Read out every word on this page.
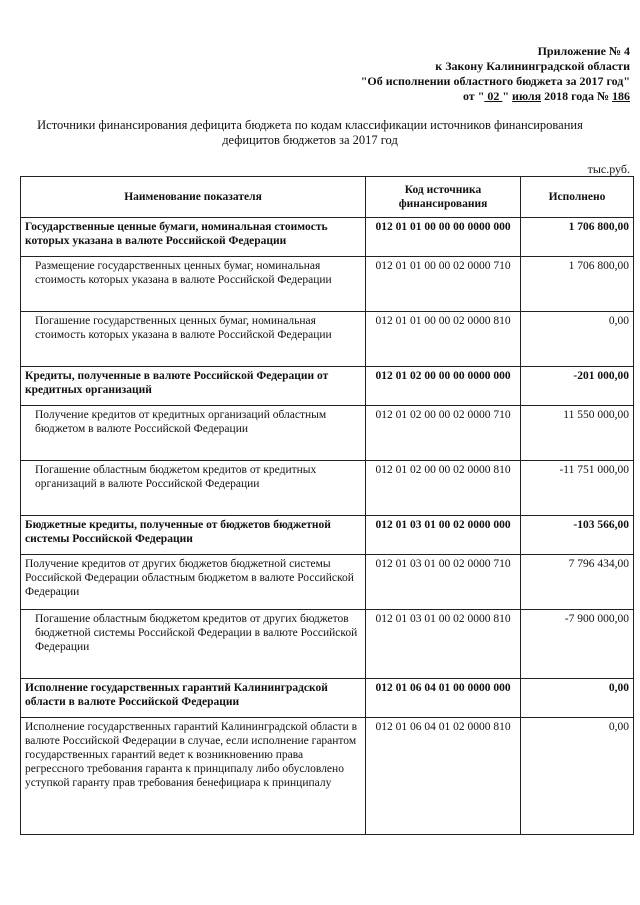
Приложение № 4
к Закону Калининградской области
"Об исполнении областного бюджета за 2017 год"
от " 02 " июля 2018 года № 186
Источники финансирования дефицита бюджета по кодам классификации источников финансирования дефицитов бюджетов за 2017 год
тыс.руб.
Наименование показателя	Код источника финансирования	Исполнено
Государственные ценные бумаги, номинальная стоимость которых указана в валюте Российской Федерации	012 01 01 00 00 00 0000 000	1 706 800,00
Размещение государственных ценных бумаг, номинальная стоимость которых указана в валюте Российской Федерации	012 01 01 00 00 02 0000 710	1 706 800,00
Погашение государственных ценных бумаг, номинальная стоимость которых указана в валюте Российской Федерации	012 01 01 00 00 02 0000 810	0,00
Кредиты, полученные в валюте Российской Федерации от кредитных организаций	012 01 02 00 00 00 0000 000	-201 000,00
Получение кредитов от кредитных организаций областным бюджетом в валюте Российской Федерации	012 01 02 00 00 02 0000 710	11 550 000,00
Погашение областным бюджетом кредитов от кредитных организаций в валюте Российской Федерации	012 01 02 00 00 02 0000 810	-11 751 000,00
Бюджетные кредиты, полученные от бюджетов бюджетной системы Российской Федерации	012 01 03 01 00 02 0000 000	-103 566,00
Получение кредитов от других бюджетов бюджетной системы Российской Федерации областным бюджетом в валюте Российской Федерации	012 01 03 01 00 02 0000 710	7 796 434,00
Погашение областным бюджетом кредитов от других бюджетов бюджетной системы Российской Федерации в валюте Российской Федерации	012 01 03 01 00 02 0000 810	-7 900 000,00
Исполнение государственных гарантий Калининградской области в валюте Российской Федерации	012 01 06 04 01 00 0000 000	0,00
Исполнение государственных гарантий Калининградской области в валюте Российской Федерации в случае, если исполнение гарантом государственных гарантий ведет к возникновению права регрессного требования гаранта к принципалу либо обусловлено уступкой гаранту прав требования бенефициара к принципалу	012 01 06 04 01 02 0000 810	0,00
